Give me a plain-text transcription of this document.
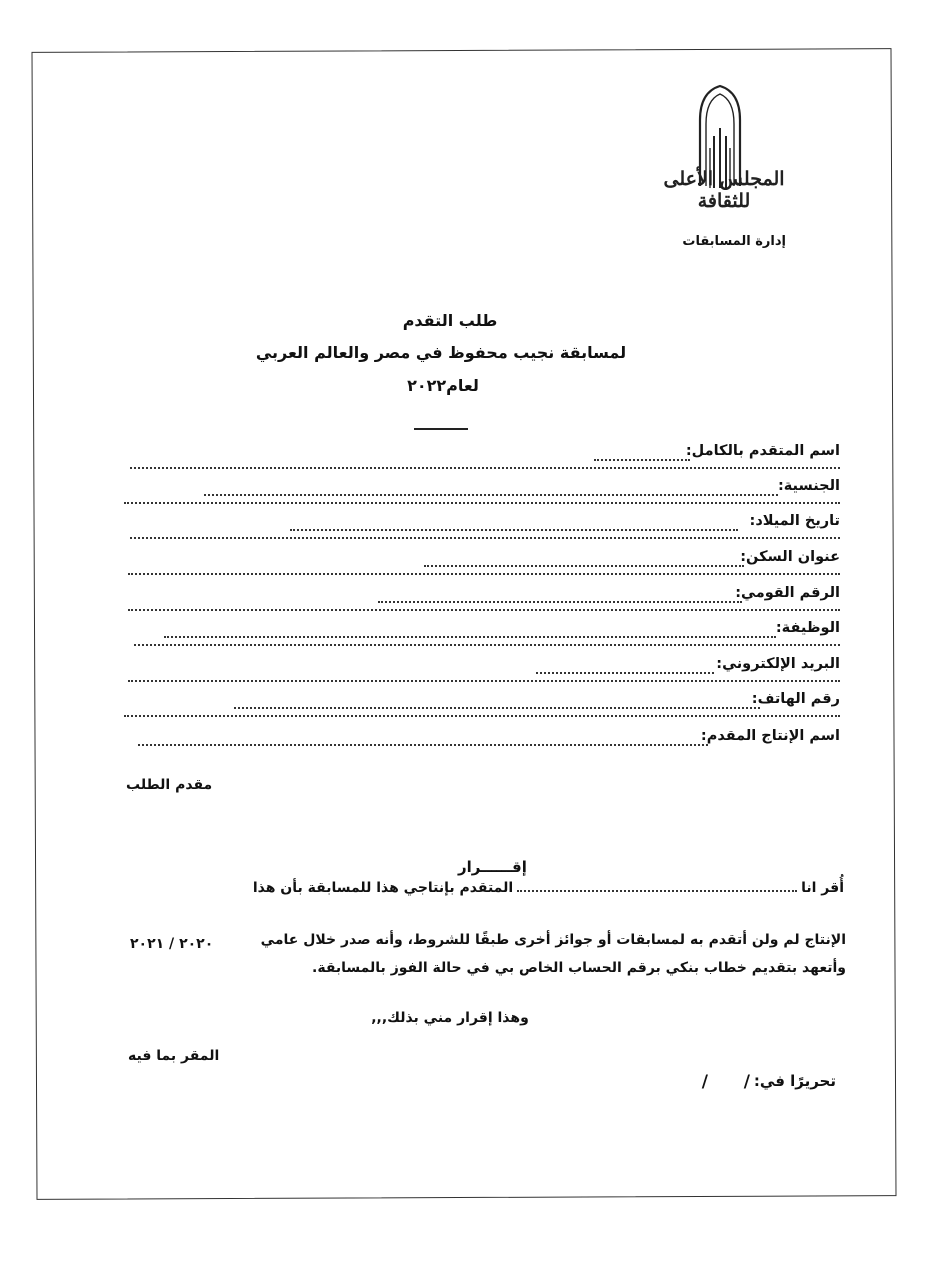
المجلس الأعلى للثقافة
إدارة المسابقات
طلب التقدم
لمسابقة نجيب محفوظ في مصر والعالم العربي
لعام٢٠٢٢
اسم المتقدم بالكامل:
الجنسية:
تاريخ الميلاد:
عنوان السكن:
الرقم القومي:
الوظيفة:
البريد الإلكتروني:
رقم الهاتف:
اسم الإنتاج المقدم:
مقدم الطلب
إقــــــرار
أُقر اناالمتقدم بإنتاجي هذا للمسابقة بأن هذا
الإنتاج لم ولن أتقدم به لمسابقات أو جوائز أخرى طبقًا للشروط، وأنه صدر خلال عامي
٢٠٢٠ / ٢٠٢١
وأتعهد بتقديم خطاب بنكي برقم الحساب الخاص بي في حالة الفوز بالمسابقة.
وهذا إقرار مني بذلك,,,
المقر بما فيه
تحريرًا في:
/
/
